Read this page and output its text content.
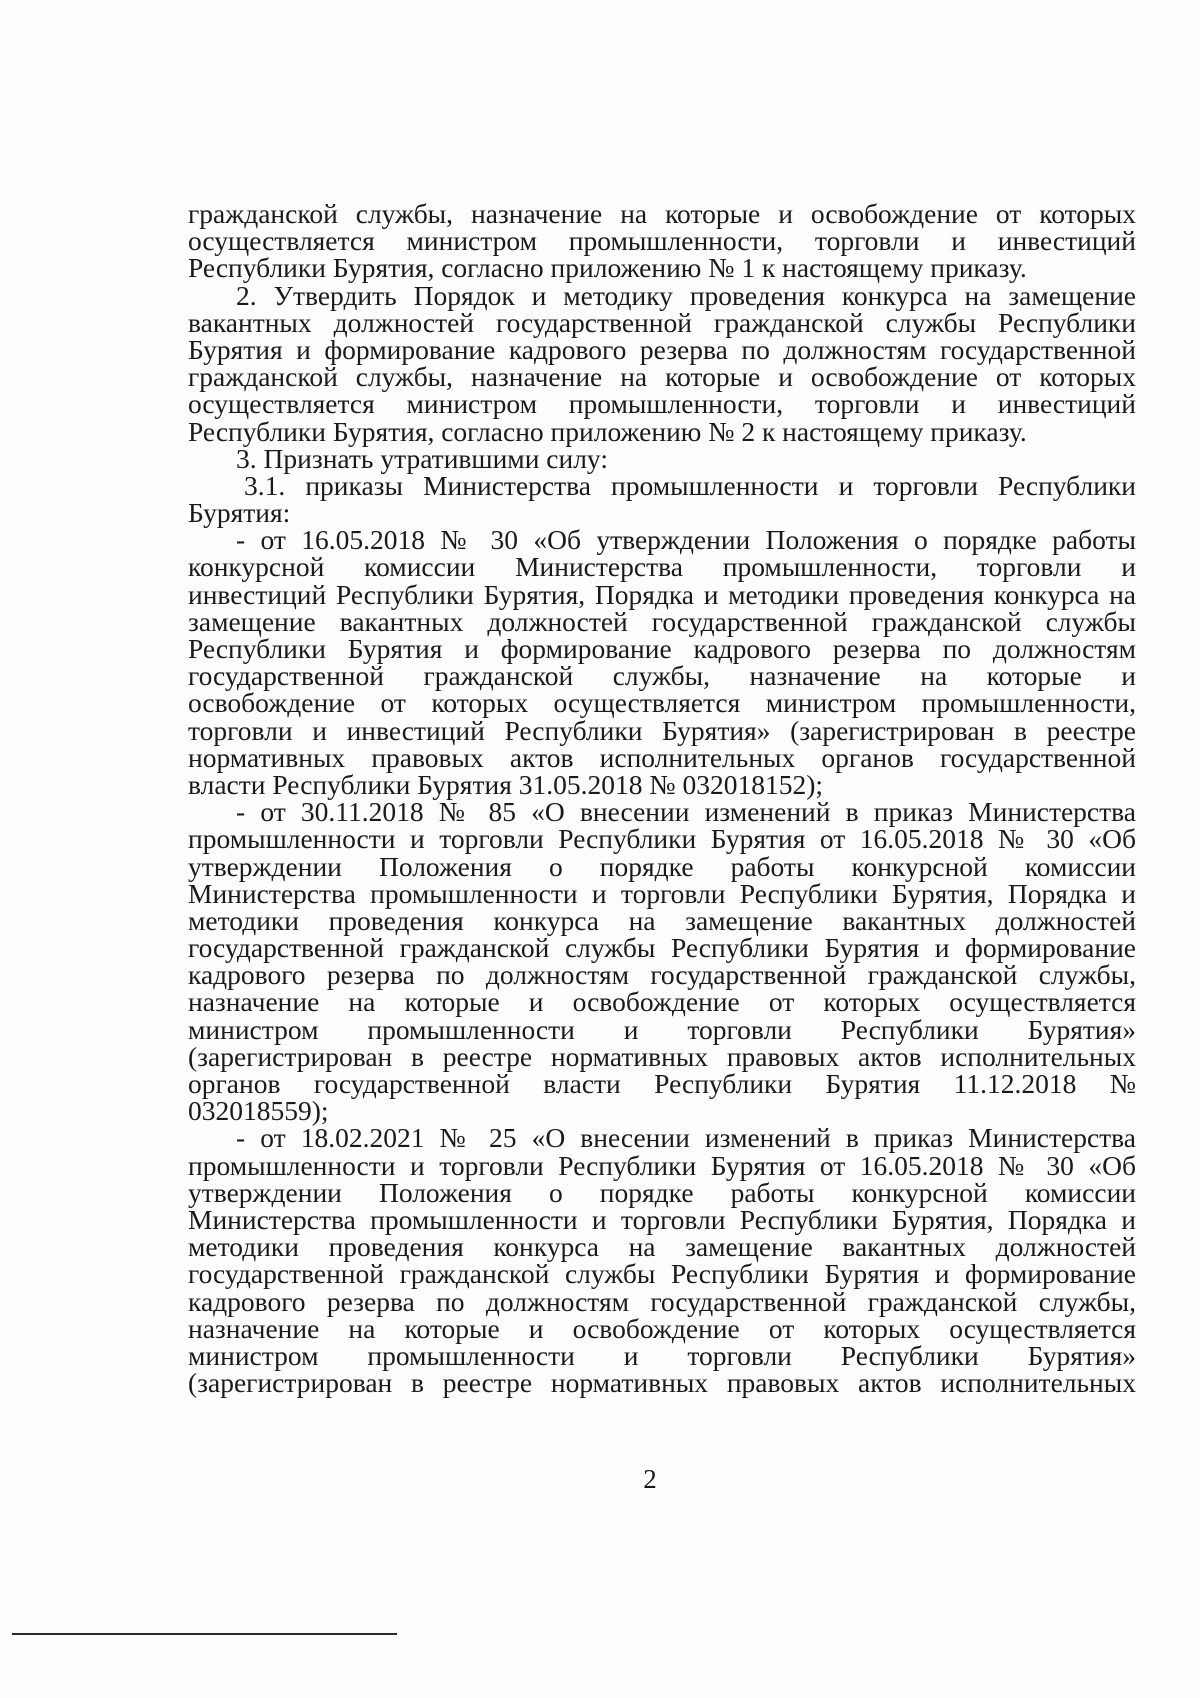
гражданской службы, назначение на которые и освобождение от которых
осуществляется министром промышленности, торговли и инвестиций
Республики Бурятия, согласно приложению № 1 к настоящему приказу.
2. Утвердить Порядок и методику проведения конкурса на замещение
вакантных должностей государственной гражданской службы Республики
Бурятия и формирование кадрового резерва по должностям государственной
гражданской службы, назначение на которые и освобождение от которых
осуществляется министром промышленности, торговли и инвестиций
Республики Бурятия, согласно приложению № 2 к настоящему приказу.
3. Признать утратившими силу:
3.1. приказы Министерства промышленности и торговли Республики
Бурятия:
- от 16.05.2018 № 30 «Об утверждении Положения о порядке работы
конкурсной комиссии Министерства промышленности, торговли и
инвестиций Республики Бурятия, Порядка и методики проведения конкурса на
замещение вакантных должностей государственной гражданской службы
Республики Бурятия и формирование кадрового резерва по должностям
государственной гражданской службы, назначение на которые и
освобождение от которых осуществляется министром промышленности,
торговли и инвестиций Республики Бурятия» (зарегистрирован в реестре
нормативных правовых актов исполнительных органов государственной
власти Республики Бурятия 31.05.2018 № 032018152);
- от 30.11.2018 № 85 «О внесении изменений в приказ Министерства
промышленности и торговли Республики Бурятия от 16.05.2018 № 30 «Об
утверждении Положения о порядке работы конкурсной комиссии
Министерства промышленности и торговли Республики Бурятия, Порядка и
методики проведения конкурса на замещение вакантных должностей
государственной гражданской службы Республики Бурятия и формирование
кадрового резерва по должностям государственной гражданской службы,
назначение на которые и освобождение от которых осуществляется
министром промышленности и торговли Республики Бурятия»
(зарегистрирован в реестре нормативных правовых актов исполнительных
органов государственной власти Республики Бурятия 11.12.2018 №
032018559);
- от 18.02.2021 № 25 «О внесении изменений в приказ Министерства
промышленности и торговли Республики Бурятия от 16.05.2018 № 30 «Об
утверждении Положения о порядке работы конкурсной комиссии
Министерства промышленности и торговли Республики Бурятия, Порядка и
методики проведения конкурса на замещение вакантных должностей
государственной гражданской службы Республики Бурятия и формирование
кадрового резерва по должностям государственной гражданской службы,
назначение на которые и освобождение от которых осуществляется
министром промышленности и торговли Республики Бурятия»
(зарегистрирован в реестре нормативных правовых актов исполнительных
2
